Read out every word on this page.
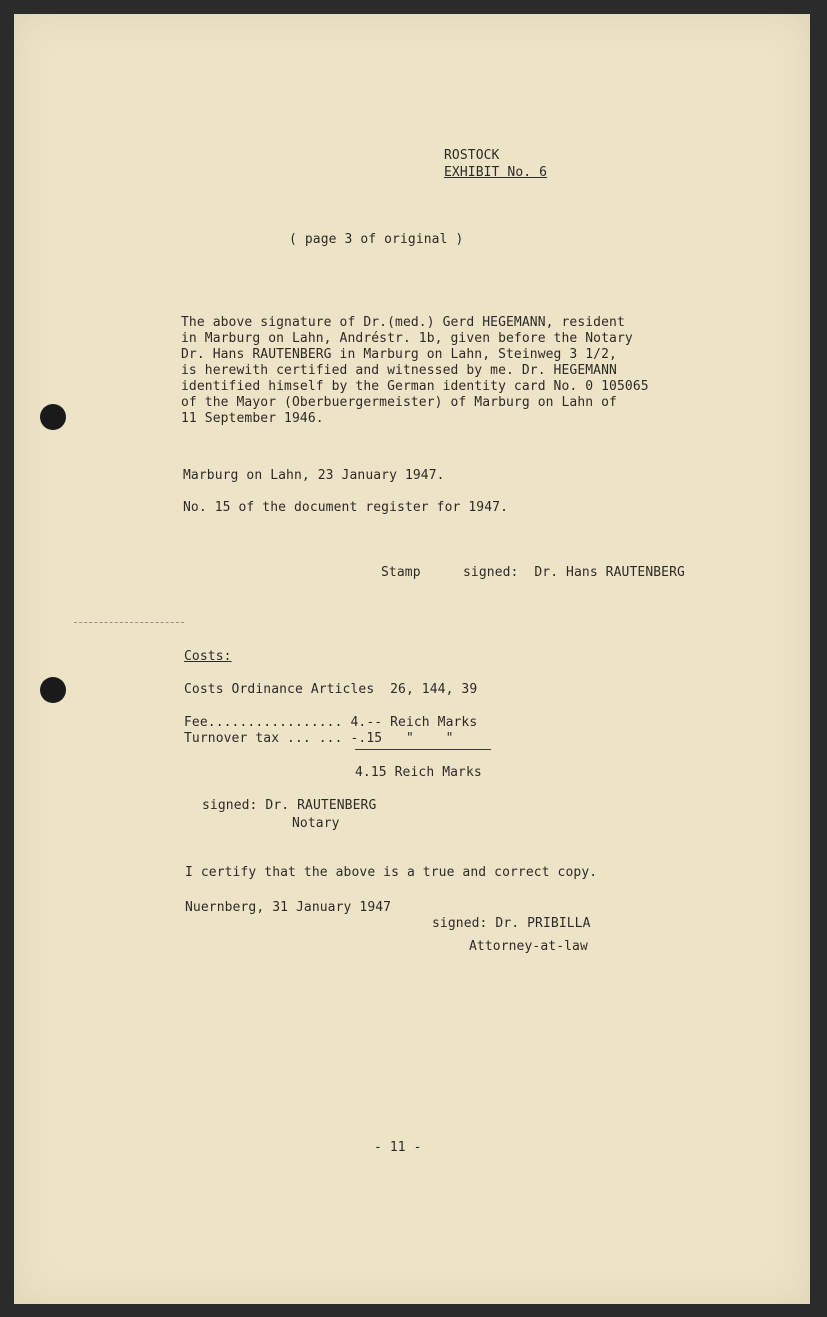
ROSTOCK

EXHIBIT No. 6

( page 3 of original )

The above signature of Dr.(med.) Gerd HEGEMANN, resident

in Marburg on Lahn, Andréstr. 1b, given before the Notary

Dr. Hans RAUTENBERG in Marburg on Lahn, Steinweg 3 1/2,

is herewith certified and witnessed by me. Dr. HEGEMANN

identified himself by the German identity card No. 0 105065

of the Mayor (Oberbuergermeister) of Marburg on Lahn of

11 September 1946.

Marburg on Lahn, 23 January 1947.

No. 15 of the document register for 1947.

Stamp	signed:  Dr. Hans RAUTENBERG

Costs:

Costs Ordinance Articles  26, 144, 39

Fee................. 4.-- Reich Marks

Turnover tax ... ... -.15   "    "

4.15 Reich Marks

signed: Dr. RAUTENBERG

Notary

I certify that the above is a true and correct copy.

Nuernberg, 31 January 1947

signed: Dr. PRIBILLA

Attorney-at-law

- 11 -
